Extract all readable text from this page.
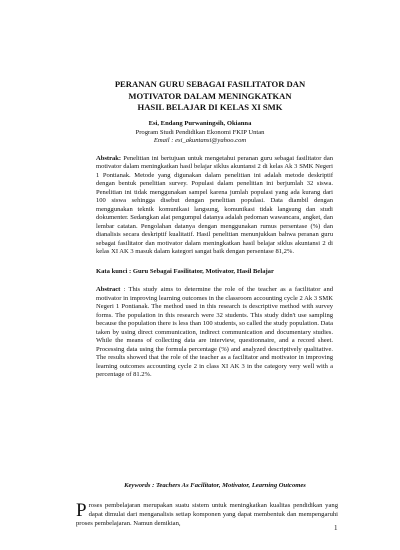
PERANAN GURU SEBAGAI FASILITATOR DAN
MOTIVATOR DALAM MENINGKATKAN
HASIL BELAJAR DI KELAS XI SMK
Esi, Endang Purwaningsih, Okianna
Program Studi Pendidikan Ekonomi FKIP Untan
Email : esi_akuntansi@yahoo.com
Abstrak: Penelitian ini bertujuan untuk mengetahui peranan guru sebagai fasilitator dan motivator dalam meningkatkan hasil belajar siklus akuntansi 2 di kelas Ak 3 SMK Negeri 1 Pontianak. Metode yang digunakan dalam penelitian ini adalah metode deskriptif dengan bentuk penelitian survey. Populasi dalam penelitian ini berjumlah 32 siswa. Penelitian ini tidak menggunakan sampel karena jumlah populasi yang ada kurang dari 100 siswa sehingga disebut dengan penelitian populasi. Data diambil dengan menggunakan teknik komunikasi langsung, komunikasi tidak langsung dan studi dokumenter. Sedangkan alat pengumpul datanya adalah pedoman wawancara, angket, dan lembar catatan. Pengolahan datanya dengan menggunakan rumus persentase (%) dan dianalisis secara deskriptif kualitatif. Hasil penelitian menunjukkan bahwa peranan guru sebagai fasilitator dan motivator dalam meningkatkan hasil belajar siklus akuntansi 2 di kelas XI AK 3 masuk dalam kategori sangat baik dengan persentase 81,2%.
Kata kunci : Guru Sebagai Fasilitator, Motivator, Hasil Belajar
Abstract : This study aims to determine the role of the teacher as a facilitator and motivator in improving learning outcomes in the classroom accounting cycle 2 Ak 3 SMK Negeri 1 Pontianak. The method used in this research is descriptive method with survey forms. The population in this research were 32 students. This study didn't use sampling because the population there is less than 100 students, so called the study population. Data taken by using direct communication, indirect communication and documentary studies. While the means of collecting data are interview, questionnaire, and a record sheet. Processing data using the formula percentage (%) and analyzed descriptively qualitative. The results showed that the role of the teacher as a facilitator and motivator in improving learning outcomes accounting cycle 2 in class XI AK 3 in the category very well with a percentage of 81.2%.
Keywords : Teachers As Facilitator, Motivator, Learning Outcomes
P roses pembelajaran merupakan suatu sistem untuk meningkatkan kualitas pendidikan yang dapat dimulai dari menganalisis setiap komponen yang dapat membentuk dan mempengaruhi proses pembelajaran. Namun demikian,
1
